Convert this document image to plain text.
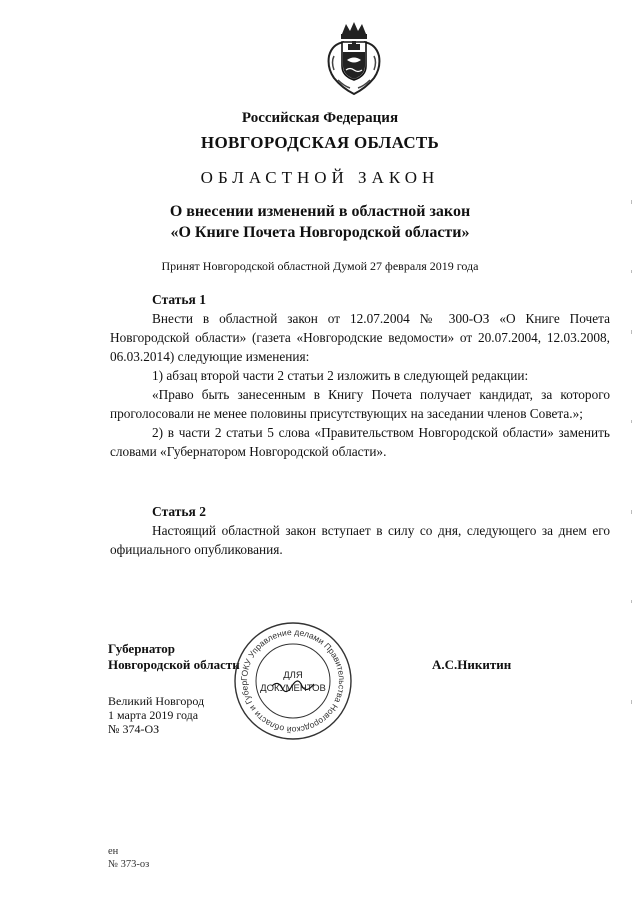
Российская Федерация
НОВГОРОДСКАЯ ОБЛАСТЬ
ОБЛАСТНОЙ ЗАКОН
О внесении изменений в областной закон
«О Книге Почета Новгородской области»
Принят Новгородской областной Думой 27 февраля 2019 года
Статья 1

Внести в областной закон от 12.07.2004 № 300-ОЗ «О Книге Почета Новгородской области» (газета «Новгородские ведомости» от 20.07.2004, 12.03.2008, 06.03.2014) следующие изменения:

1) абзац второй части 2 статьи 2 изложить в следующей редакции:

«Право быть занесенным в Книгу Почета получает кандидат, за которого проголосовали не менее половины присутствующих на заседании членов Совета.»;

2) в части 2 статьи 5 слова «Правительством Новгородской области» заменить словами «Губернатором Новгородской области».

Статья 2

Настоящий областной закон вступает в силу со дня, следующего за днем его официального опубликования.

Губернатор
Новгородской области	А.С.Никитин
ГОКУ Управление делами Правительства Новгородской области и Губер
ДЛЯ
ДОКУМЕНТОВ
Великий Новгород
1 марта 2019 года
№ 374-ОЗ
ен
№ 373-оз
